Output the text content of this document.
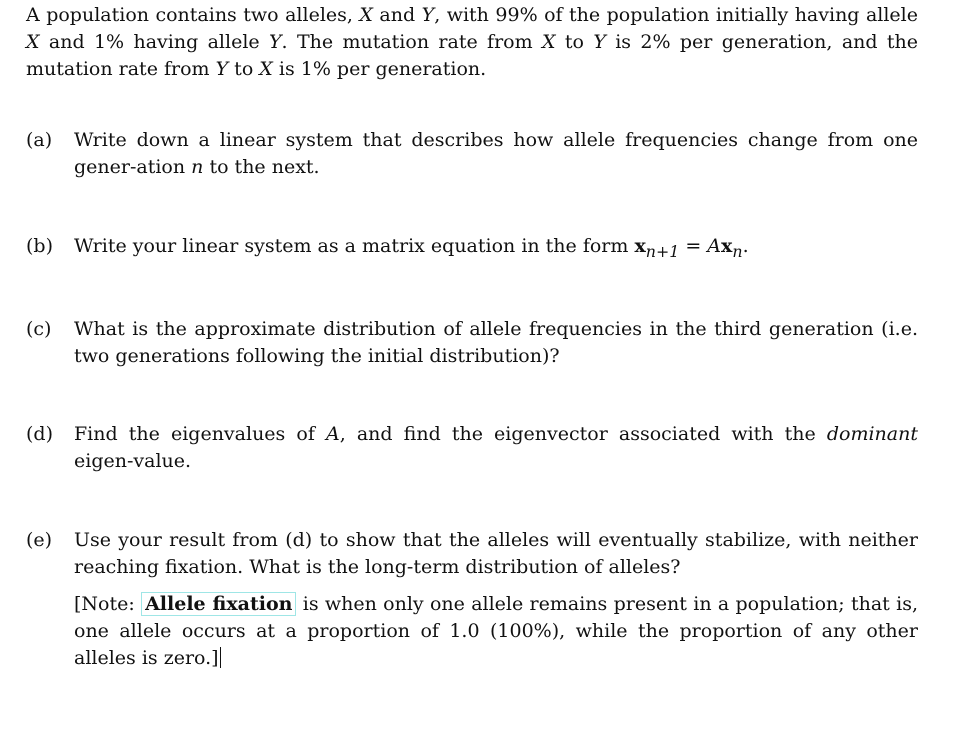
A population contains two alleles, X and Y, with 99% of the population initially having allele X and 1% having allele Y. The mutation rate from X to Y is 2% per generation, and the mutation rate from Y to X is 1% per generation.

(a)	Write down a linear system that describes how allele frequencies change from one gener-ation n to the next.

(b)	Write your linear system as a matrix equation in the form $x_{n+1} = Ax_n$.

(c)	What is the approximate distribution of allele frequencies in the third generation (i.e. two generations following the initial distribution)?

(d)	Find the eigenvalues of A, and find the eigenvector associated with the dominant eigen-value.

(e)	Use your result from (d) to show that the alleles will eventually stabilize, with neither reaching fixation. What is the long-term distribution of alleles?

[Note: Allele fixation is when only one allele remains present in a population; that is, one allele occurs at a proportion of 1.0 (100%), while the proportion of any other alleles is zero.]
